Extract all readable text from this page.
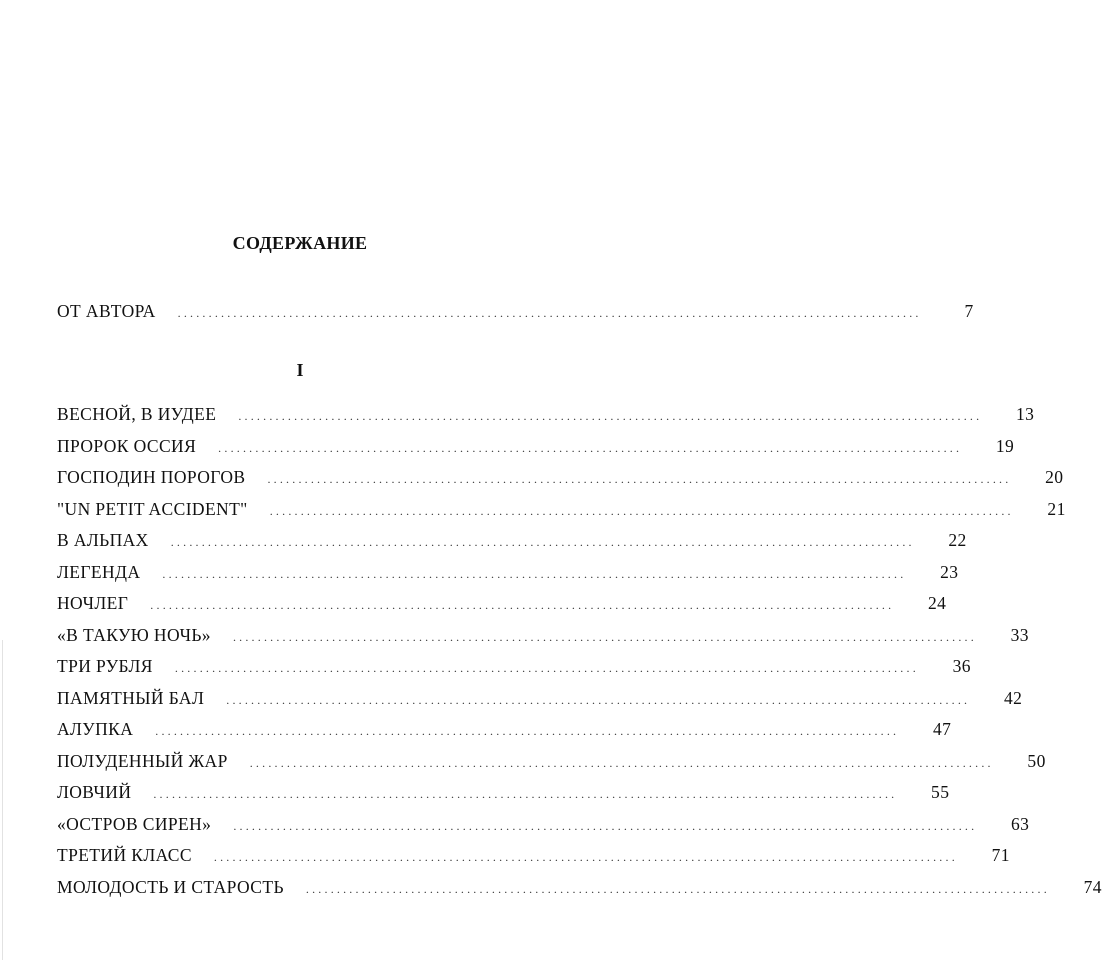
СОДЕРЖАНИЕ
ОТ АВТОРА ........................................................................................................................	7
I
ВЕСНОЙ, В ИУДЕЕ ........................................................................................................................ 13
ПРОРОК ОССИЯ ........................................................................................................................ 19
ГОСПОДИН ПОРОГОВ ........................................................................................................................ 20
"UN PETIT ACCIDENT" ........................................................................................................................ 21
В АЛЬПАХ ........................................................................................................................ 22
ЛЕГЕНДА ........................................................................................................................ 23
НОЧЛЕГ ........................................................................................................................ 24
«В ТАКУЮ НОЧЬ» ........................................................................................................................ 33
ТРИ РУБЛЯ ........................................................................................................................ 36
ПАМЯТНЫЙ БАЛ ........................................................................................................................ 42
АЛУПКА ........................................................................................................................ 47
ПОЛУДЕННЫЙ ЖАР ........................................................................................................................ 50
ЛОВЧИЙ ........................................................................................................................ 55
«ОСТРОВ СИРЕН» ........................................................................................................................ 63
ТРЕТИЙ КЛАСС ........................................................................................................................ 71
МОЛОДОСТЬ И СТАРОСТЬ ........................................................................................................................ 74
